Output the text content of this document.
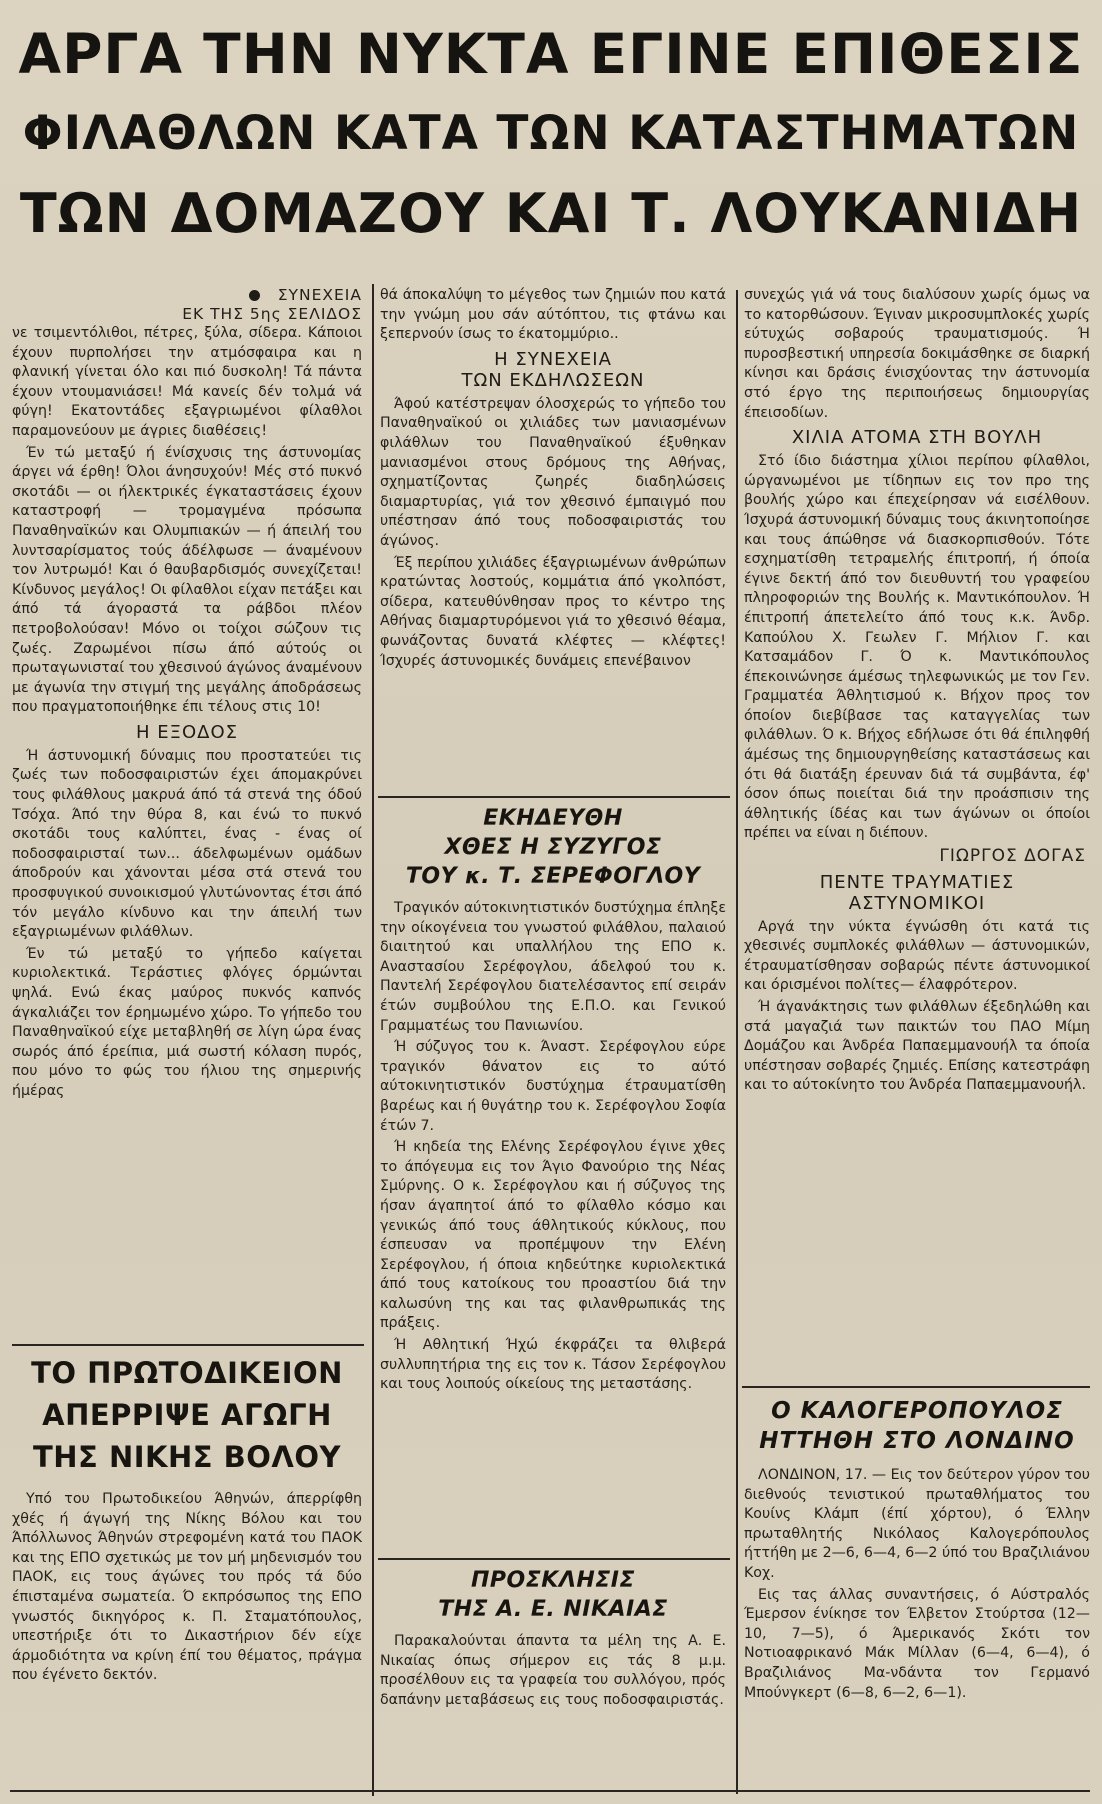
ΑΡΓΑ ΤΗΝ ΝΥΚΤΑ ΕΓΙΝΕ ΕΠΙΘΕΣΙΣ
ΦΙΛΑΘΛΩΝ ΚΑΤΑ ΤΩΝ ΚΑΤΑΣΤΗΜΑΤΩΝ
ΤΩΝ ΔΟΜΑΖΟΥ ΚΑΙ Τ. ΛΟΥΚΑΝΙΔΗ
ΣΥΝΕΧΕΙΑ
ΕΚ ΤΗΣ 5ης ΣΕΛΙΔΟΣ

νε τσιμεντόλιθοι, πέτρες, ξύλα, σίδερα. Κάποιοι έχουν πυρπολήσει την ατμόσφαιρα και η φλανική γίνεται όλο και πιό δυσκολη! Τά πάντα έχουν ντουμανιάσει! Μά κανείς δέν τολμά νά φύγη! Εκατοντάδες εξαγριωμένοι φίλαθλοι παραμονεύουν με άγριες διαθέσεις!

Έν τώ μεταξύ ή ένίσχυσις της άστυνομίας άργει νά έρθη! Όλοι άνησυχούν! Μές στό πυκνό σκοτάδι — οι ήλεκτρικές έγκαταστάσεις έχουν καταστροφή — τρομαγμένα πρόσωπα Παναθηναϊκών και Ολυμπιακών — ή άπειλή του λυντσαρίσματος τούς άδέλφωσε — άναμένουν τον λυτρωμό! Και ό θαυβαρδισμός συνεχίζεται! Κίνδυνος μεγάλος! Οι φίλαθλοι είχαν πετάξει και άπό τά άγοραστά τα ράβδοι πλέον πετροβολούσαν! Μόνο οι τοίχοι σώζουν τις ζωές. Ζαρωμένοι πίσω άπό αύτούς οι πρωταγωνισταί του χθεσινού άγώνος άναμένουν με άγωνία την στιγμή της μεγάλης άποδράσεως που πραγματοποιήθηκε έπι τέλους στις 10!

Η ΕΞΟΔΟΣ

Ή άστυνομική δύναμις που προστατεύει τις ζωές των ποδοσφαιριστών έχει άπομακρύνει τους φιλάθλους μακρυά άπό τά στενά της όδού Τσόχα. Άπό την θύρα 8, και ένώ το πυκνό σκοτάδι τους καλύπτει, ένας - ένας οί ποδοσφαιρισταί των... άδελφωμένων ομάδων άποδρούν και χάνονται μέσα στά στενά του προσφυγικού συνοικισμού γλυτώνοντας έτσι άπό τόν μεγάλο κίνδυνο και την άπειλή των εξαγριωμένων φιλάθλων.

Έν τώ μεταξύ το γήπεδο καίγεται κυριολεκτικά. Τεράστιες φλόγες όρμώνται ψηλά. Ενώ έκας μαύρος πυκνός καπνός άγκαλιάζει τον έρημωμένο χώρο. Το γήπεδο του Παναθηναϊκού είχε μεταβληθή σε λίγη ώρα ένας σωρός άπό έρείπια, μιά σωστή κόλαση πυρός, που μόνο το φώς του ήλιου της σημερινής ήμέρας

ΤΟ ΠΡΩΤΟΔΙΚΕΙΟΝ
ΑΠΕΡΡΙΨΕ ΑΓΩΓΗ
ΤΗΣ ΝΙΚΗΣ ΒΟΛΟΥ

Υπό του Πρωτοδικείου Άθηνών, άπερρίφθη χθές ή άγωγή της Νίκης Βόλου και του Άπόλλωνος Άθηνών στρεφομένη κατά του ΠΑΟΚ και της ΕΠΟ σχετικώς με τον μή μηδενισμόν του ΠΑΟΚ, εις τους άγώνες του πρός τά δύο έπισταμένα σωματεία. Ό εκπρόσωπος της ΕΠΟ γνωστός δικηγόρος κ. Π. Σταματόπουλος, υπεστήριξε ότι το Δικαστήριον δέν είχε άρμοδιότητα να κρίνη έπί του θέματος, πράγμα που έγένετο δεκτόν.

θά άποκαλύψη το μέγεθος των ζημιών που κατά την γνώμη μου σάν αύτόπτου, τις φτάνω και ξεπερνούν ίσως το έκατομμύριο..

Η ΣΥΝΕΧΕΙΑ
ΤΩΝ ΕΚΔΗΛΩΣΕΩΝ

Άφού κατέστρεψαν όλοσχερώς το γήπεδο του Παναθηναϊκού οι χιλιάδες των μανιασμένων φιλάθλων του Παναθηναϊκού έξυθηκαν μανιασμένοι στους δρόμους της Αθήνας, σχηματίζοντας ζωηρές διαδηλώσεις διαμαρτυρίας, γιά τον χθεσινό έμπαιγμό που υπέστησαν άπό τους ποδοσφαιριστάς του άγώνος.

Έξ περίπου χιλιάδες έξαγριωμένων άνθρώπων κρατώντας λοστούς, κομμάτια άπό γκολπόστ, σίδερα, κατευθύνθησαν προς το κέντρο της Αθήνας διαμαρτυρόμενοι γιά το χθεσινό θέαμα, φωνάζοντας δυνατά κλέφτες — κλέφτες! Ίσχυρές άστυνομικές δυνάμεις επενέβαινον

ΕΚΗΔΕΥΘΗ
ΧΘΕΣ Η ΣΥΖΥΓΟΣ
ΤΟΥ κ. Τ. ΣΕΡΕΦΟΓΛΟΥ

Τραγικόν αύτοκινητιστικόν δυστύχημα έπληξε την οίκογένεια του γνωστού φιλάθλου, παλαιού διαιτητού και υπαλλήλου της ΕΠΟ κ. Αναστασίου Σερέφογλου, άδελφού του κ. Παντελή Σερέφογλου διατελέσαντος επί σειράν έτών συμβούλου της Ε.Π.Ο. και Γενικού Γραμματέως του Πανιωνίου.

Ή σύζυγος του κ. Άναστ. Σερέφογλου εύρε τραγικόν θάνατον εις το αύτό αύτοκινητιστικόν δυστύχημα έτραυματίσθη βαρέως και ή θυγάτηρ του κ. Σερέφογλου Σοφία έτών 7.

Ή κηδεία της Ελένης Σερέφογλου έγινε χθες το άπόγευμα εις τον Άγιο Φανούριο της Νέας Σμύρνης. Ο κ. Σερέφογλου και ή σύζυγος της ήσαν άγαπητοί άπό το φίλαθλο κόσμο και γενικώς άπό τους άθλητικούς κύκλους, που έσπευσαν να προπέμψουν την Ελένη Σερέφογλου, ή όποια κηδεύτηκε κυριολεκτικά άπό τους κατοίκους του προαστίου διά την καλωσύνη της και τας φιλανθρωπικάς της πράξεις.

Ή Αθλητική Ήχώ έκφράζει τα θλιβερά συλλυπητήρια της εις τον κ. Τάσον Σερέφογλου και τους λοιπούς οίκείους της μεταστάσης.

ΠΡΟΣΚΛΗΣΙΣ
ΤΗΣ Α. Ε. ΝΙΚΑΙΑΣ

Παρακαλούνται άπαντα τα μέλη της Α. Ε. Νικαίας όπως σήμερον εις τάς 8 μ.μ. προσέλθουν εις τα γραφεία του συλλόγου, πρός δαπάνην μεταβάσεως εις τους ποδοσφαιριστάς.

συνεχώς γιά νά τους διαλύσουν χωρίς όμως να το κατορθώσουν. Έγιναν μικροσυμπλοκές χωρίς εύτυχώς σοβαρούς τραυματισμούς. Ή πυροσβεστική υπηρεσία δοκιμάσθηκε σε διαρκή κίνησι και δράσις ένισχύοντας την άστυνομία στό έργο της περιποιήσεως δημιουργίας έπεισοδίων.

ΧΙΛΙΑ ΑΤΟΜΑ ΣΤΗ ΒΟΥΛΗ

Στό ίδιο διάστημα χίλιοι περίπου φίλαθλοι, ώργανωμένοι με τίδηπων εις τον προ της βουλής χώρο και έπεχείρησαν νά εισέλθουν. Ίσχυρά άστυνομική δύναμις τους άκινητοποίησε και τους άπώθησε νά διασκορπισθούν. Τότε εσχηματίσθη τετραμελής έπιτροπή, ή όποία έγινε δεκτή άπό τον διευθυντή του γραφείου πληροφοριών της Βουλής κ. Μαντικόπουλον. Ή έπιτροπή άπετελείτο άπό τους κ.κ. Άνδρ. Καπούλου Χ. Γεωλεν Γ. Μήλιον Γ. και Κατσαμάδον Γ. Ό κ. Μαντικόπουλος έπεκοινώνησε άμέσως τηλεφωνικώς με τον Γεν. Γραμματέα Άθλητισμού κ. Βήχον προς τον όποίον διεβίβασε τας καταγγελίας των φιλάθλων. Ό κ. Βήχος εδήλωσε ότι θά έπιληφθή άμέσως της δημιουργηθείσης καταστάσεως και ότι θά διατάξη έρευναν διά τά συμβάντα, έφ' όσον όπως ποιείται διά την προάσπισιν της άθλητικής ίδέας και των άγώνων οι όποίοι πρέπει να είναι η διέπουν.

ΓΙΩΡΓΟΣ ΔΟΓΑΣ
ΠΕΝΤΕ ΤΡΑΥΜΑΤΙΕΣ
ΑΣΤΥΝΟΜΙΚΟΙ

Αργά την νύκτα έγνώσθη ότι κατά τις χθεσινές συμπλοκές φιλάθλων — άστυνομικών, έτραυματίσθησαν σοβαρώς πέντε άστυνομικοί και όρισμένοι πολίτες— έλαφρότερον.

Ή άγανάκτησις των φιλάθλων έξεδηλώθη και στά μαγαζιά των παικτών του ΠΑΟ Μίμη Δομάζου και Άνδρέα Παπαεμμανουήλ τα όποία υπέστησαν σοβαρές ζημιές. Επίσης κατεστράφη και το αύτοκίνητο του Άνδρέα Παπαεμμανουήλ.

Ο ΚΑΛΟΓΕΡΟΠΟΥΛΟΣ
ΗΤΤΗΘΗ ΣΤΟ ΛΟΝΔΙΝΟ

ΛΟΝΔΙΝΟΝ, 17. — Εις τον δεύτερον γύρον του διεθνούς τενιστικού πρωταθλήματος του Κουίνς Κλάμπ (έπί χόρτου), ό Έλλην πρωταθλητής Νικόλαος Καλογερόπουλος ήττήθη με 2—6, 6—4, 6—2 ύπό του Βραζιλιάνου Κοχ.

Εις τας άλλας συναντήσεις, ό Αύστραλός Έμερσον ένίκησε τον Έλβετον Στούρτσα (12—10, 7—5), ό Άμερικανός Σκότι τον Νοτιοαφρικανό Μάκ Μίλλαν (6—4, 6—4), ό Βραζιλιάνος Μα-νδάντα τον Γερμανό Μπούνγκερτ (6—8, 6—2, 6—1).
